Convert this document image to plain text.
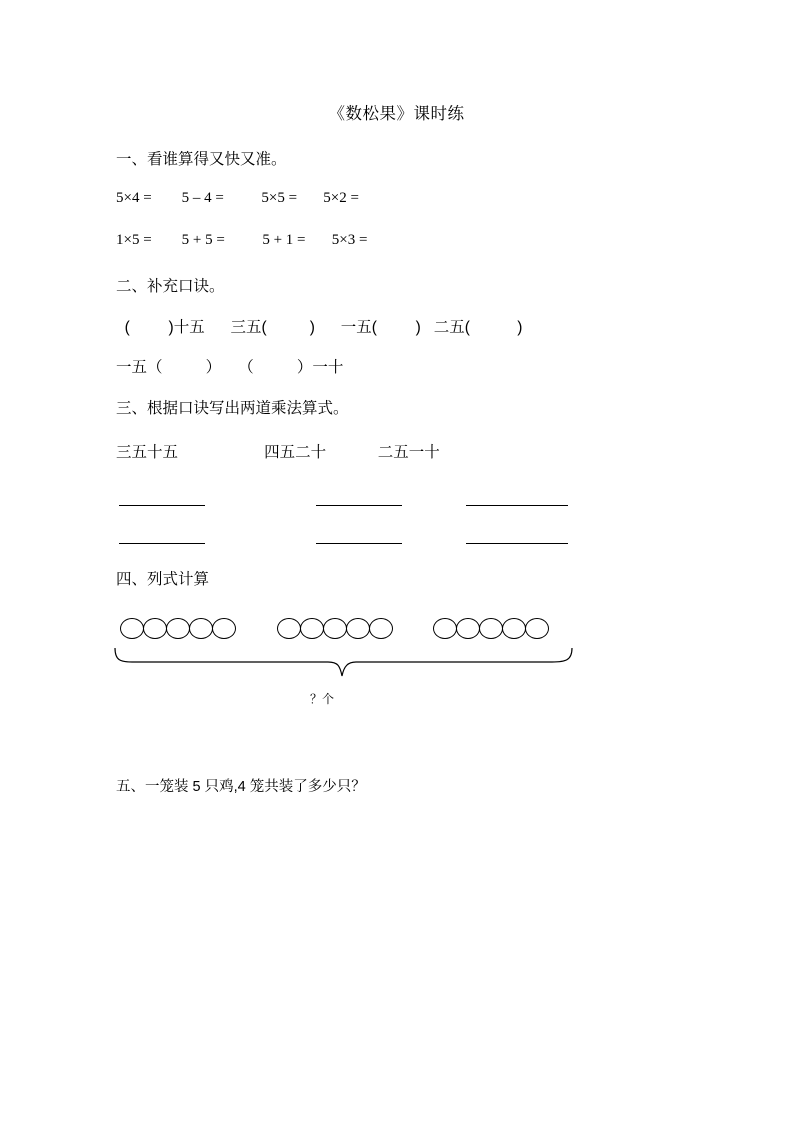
《数松果》课时练
一、看谁算得又快又准。
5×4 =        5 – 4 =          5×5 =       5×2 =
1×5 =        5 + 5 =          5 + 1 =       5×3 =
二、补充口诀。
(         )十五      三五(          )      一五(         )   二五(           )
一五（          ）    （          ）一十
三、根据口诀写出两道乘法算式。
三五十五                    四五二十            二五一十
四、列式计算
？个
五、一笼装 5 只鸡,4 笼共装了多少只？
